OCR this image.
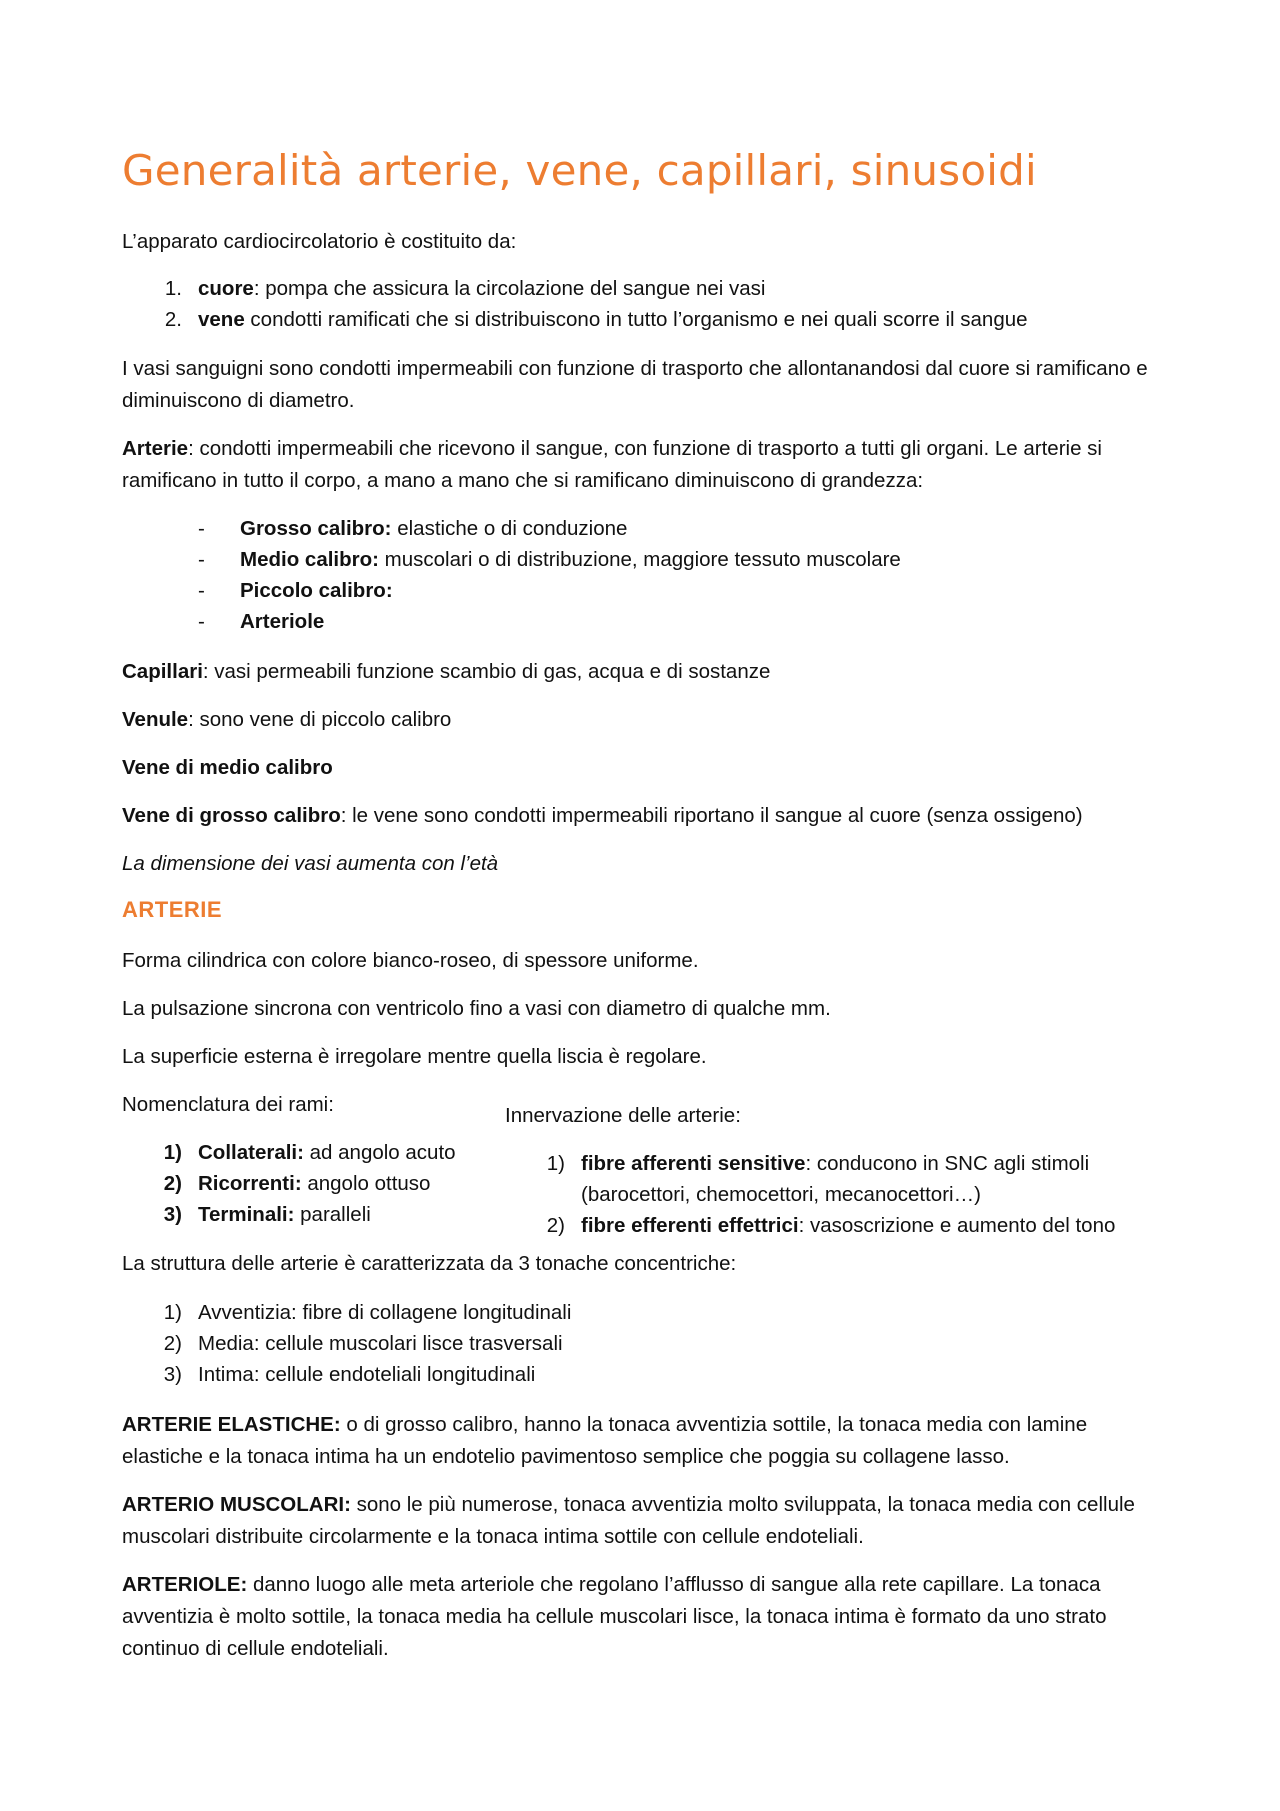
Generalità arterie, vene, capillari, sinusoidi

L’apparato cardiocircolatorio è costituito da:

1. cuore: pompa che assicura la circolazione del sangue nei vasi
2. vene condotti ramificati che si distribuiscono in tutto l’organismo e nei quali scorre il sangue

I vasi sanguigni sono condotti impermeabili con funzione di trasporto che allontanandosi dal cuore si ramificano e diminuiscono di diametro.

Arterie: condotti impermeabili che ricevono il sangue, con funzione di trasporto a tutti gli organi. Le arterie si ramificano in tutto il corpo, a mano a mano che si ramificano diminuiscono di grandezza:

- Grosso calibro: elastiche o di conduzione
- Medio calibro: muscolari o di distribuzione, maggiore tessuto muscolare
- Piccolo calibro:
- Arteriole

Capillari: vasi permeabili funzione scambio di gas, acqua e di sostanze

Venule: sono vene di piccolo calibro

Vene di medio calibro

Vene di grosso calibro: le vene sono condotti impermeabili riportano il sangue al cuore (senza ossigeno)

La dimensione dei vasi aumenta con l’età

ARTERIE

Forma cilindrica con colore bianco-roseo, di spessore uniforme.

La pulsazione sincrona con ventricolo fino a vasi con diametro di qualche mm.

La superficie esterna è irregolare mentre quella liscia è regolare.

Nomenclatura dei rami:

1) Collaterali: ad angolo acuto
2) Ricorrenti: angolo ottuso
3) Terminali: paralleli

Innervazione delle arterie:

1) fibre afferenti sensitive: conducono in SNC agli stimoli
(barocettori, chemocettori, mecanocettori…)
2) fibre efferenti effettrici: vasoscrizione e aumento del tono

La struttura delle arterie è caratterizzata da 3 tonache concentriche:

1) Avventizia: fibre di collagene longitudinali
2) Media: cellule muscolari lisce trasversali
3) Intima: cellule endoteliali longitudinali

ARTERIE ELASTICHE: o di grosso calibro, hanno la tonaca avventizia sottile, la tonaca media con lamine elastiche e la tonaca intima ha un endotelio pavimentoso semplice che poggia su collagene lasso.

ARTERIO MUSCOLARI: sono le più numerose, tonaca avventizia molto sviluppata, la tonaca media con cellule muscolari distribuite circolarmente e la tonaca intima sottile con cellule endoteliali.

ARTERIOLE: danno luogo alle meta arteriole che regolano l’afflusso di sangue alla rete capillare. La tonaca avventizia è molto sottile, la tonaca media ha cellule muscolari lisce, la tonaca intima è formato da uno strato continuo di cellule endoteliali.
